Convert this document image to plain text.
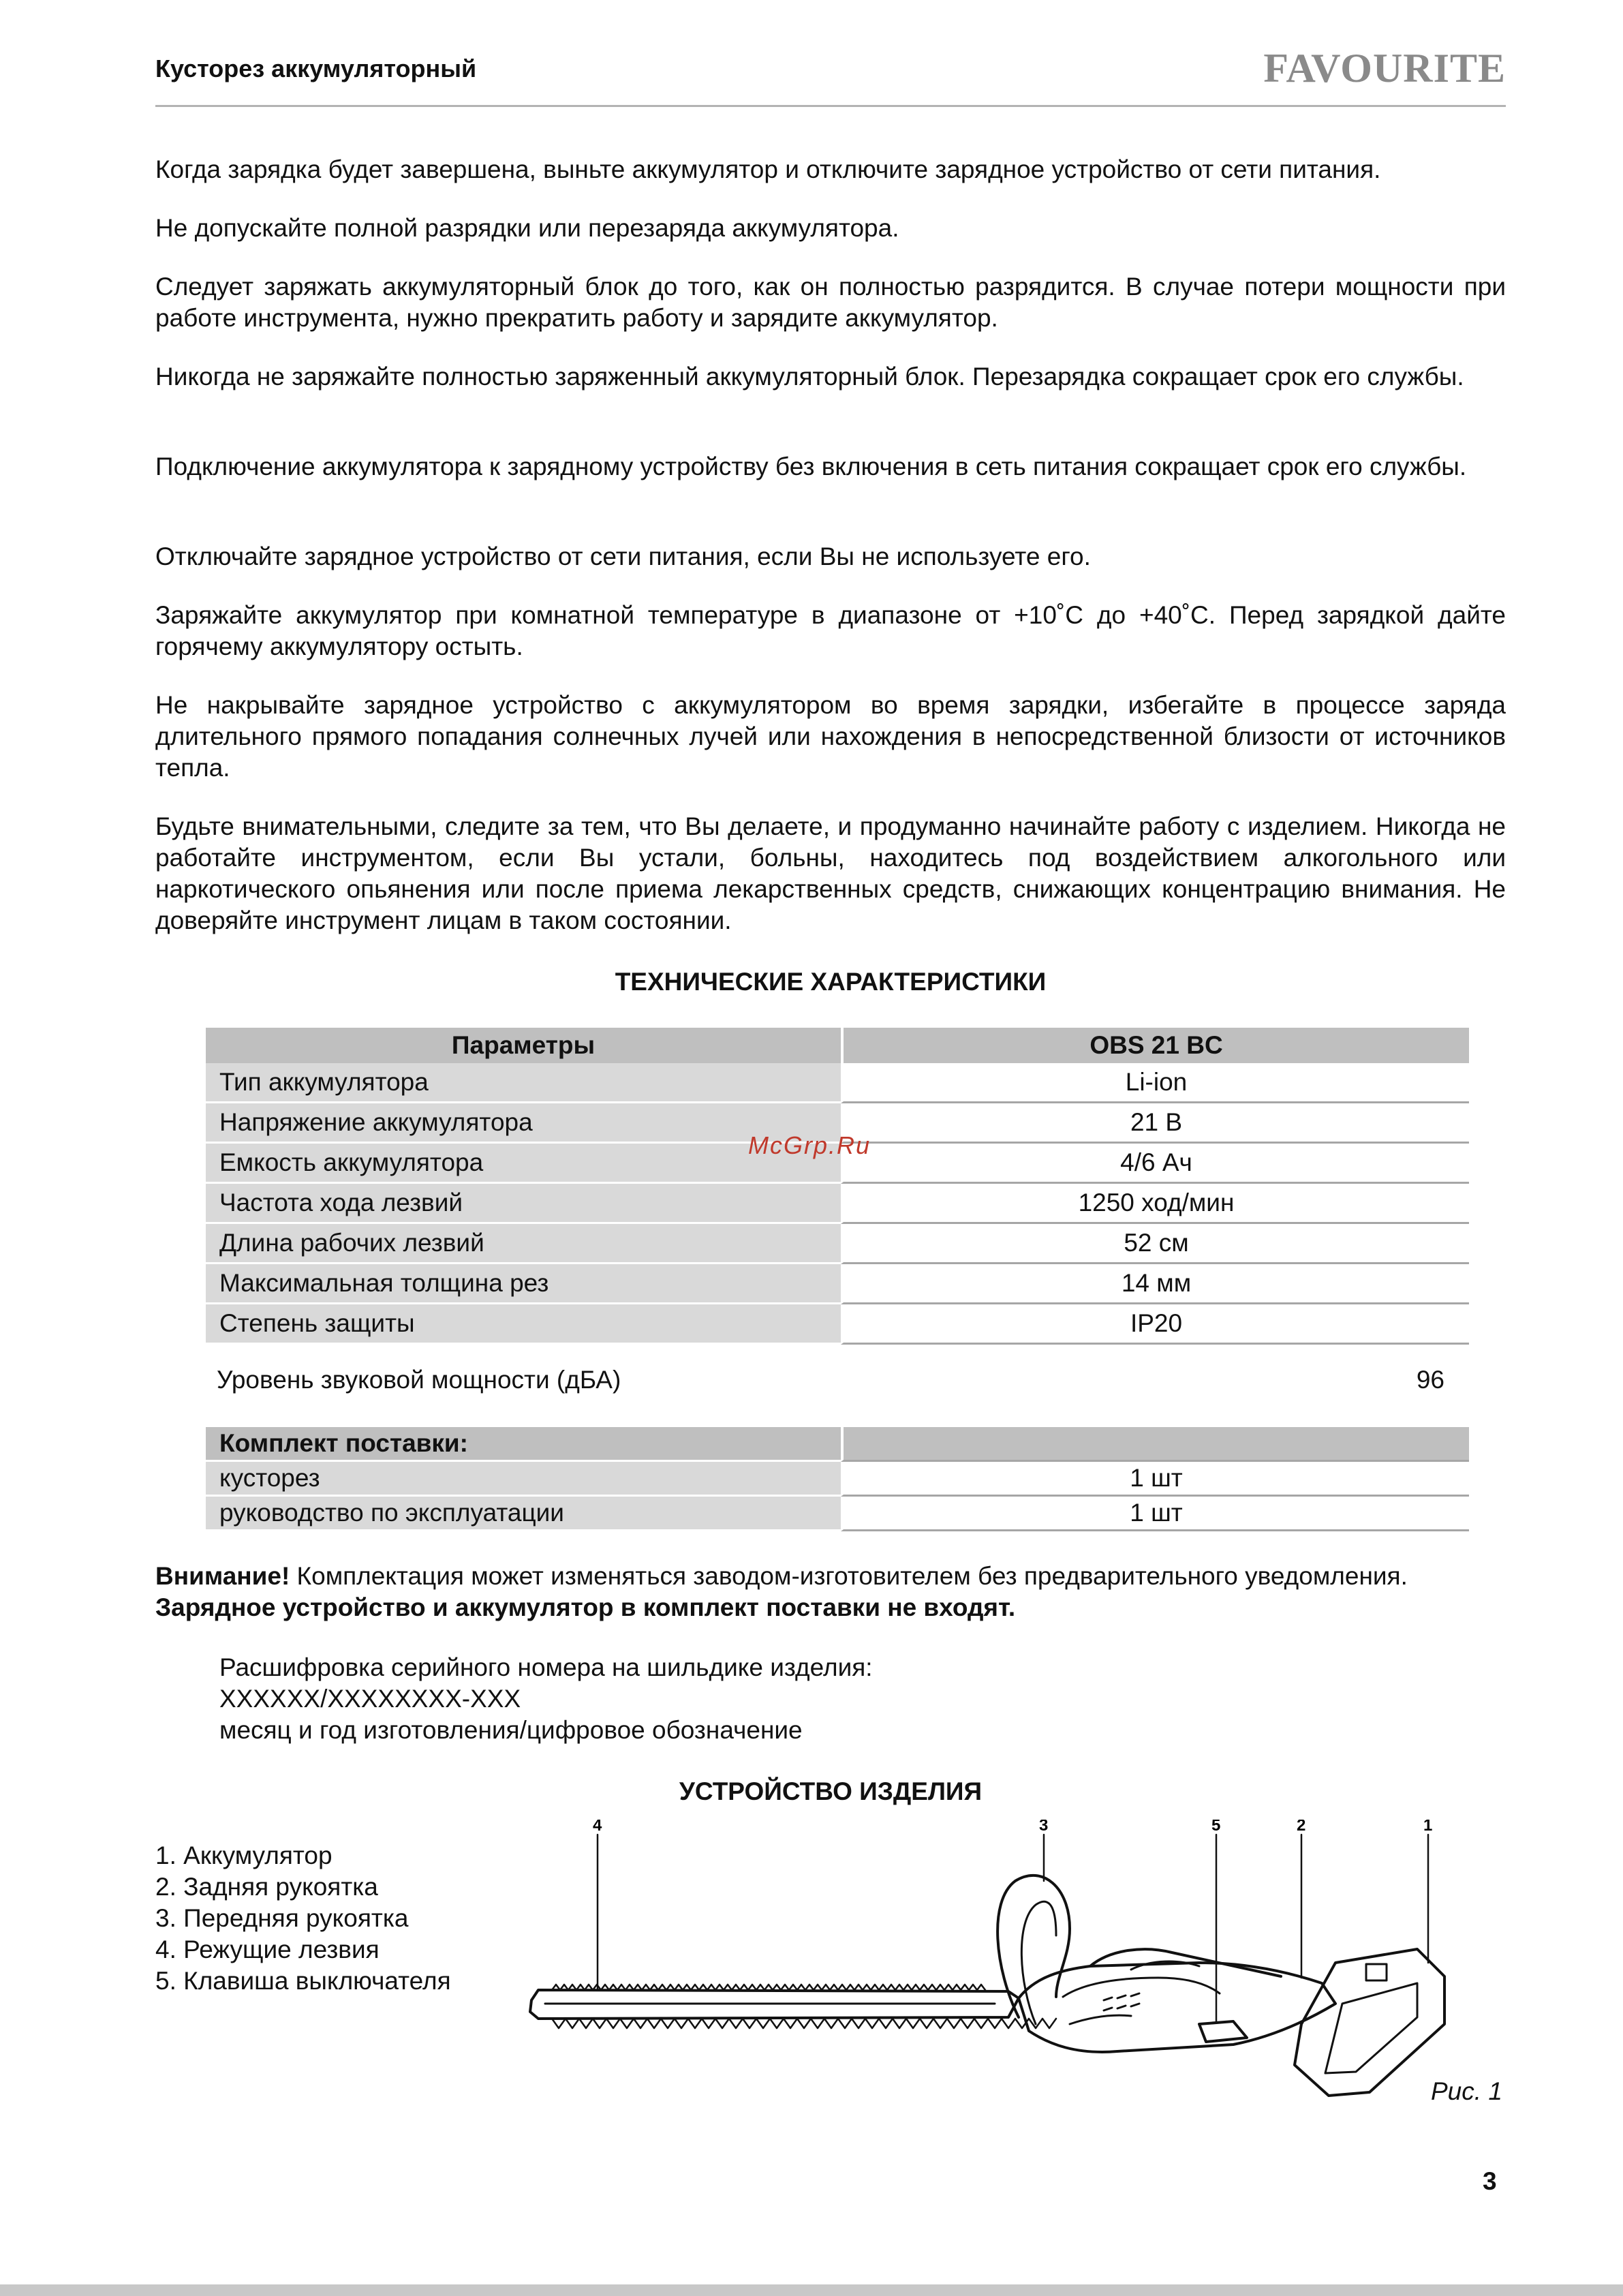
Кусторез аккумуляторный	FAVOURITE

Когда зарядка будет завершена, выньте аккумулятор и отключите зарядное устройство от сети питания.

Не допускайте полной разрядки или перезаряда аккумулятора.

Следует заряжать аккумуляторный блок до того, как он полностью разрядится. В случае потери мощности при работе инструмента, нужно прекратить работу и зарядите аккумулятор.

Никогда не заряжайте полностью заряженный аккумуляторный блок. Перезарядка сокращает срок его службы.

Подключение аккумулятора к зарядному устройству без включения в сеть питания сокращает срок его службы.

Отключайте зарядное устройство от сети питания, если Вы не используете его.

Заряжайте аккумулятор при комнатной температуре в диапазоне от +10˚С до +40˚С. Перед зарядкой дайте горячему аккумулятору остыть.

Не накрывайте зарядное устройство с аккумулятором во время зарядки, избегайте в процессе заряда длительного прямого попадания солнечных лучей или нахождения в непосредственной близости от источников тепла.

Будьте внимательными, следите за тем, что Вы делаете, и продуманно начинайте работу с изделием. Никогда не работайте инструментом, если Вы устали, больны, находитесь под воздействием алкогольного или наркотического опьянения или после приема лекарственных средств, снижающих концентрацию внимания. Не доверяйте инструмент лицам в таком состоянии.

ТЕХНИЧЕСКИЕ ХАРАКТЕРИСТИКИ
Параметры	OBS 21 BC
Тип аккумулятора	Li-ion
Напряжение аккумулятора	21 В
Емкость аккумулятора	4/6 Ач
Частота хода лезвий	1250 ход/мин
Длина рабочих лезвий	52 см
Максимальная толщина рез	14 мм
Степень защиты	IP20
McGrp.Ru
Уровень звуковой мощности (дБА)	96
Комплект поставки:	
кусторез	1 шт
руководство по эксплуатации	1 шт

Внимание! Комплектация может изменяться заводом-изготовителем без предварительного уведомления. Зарядное устройство и аккумулятор в комплект поставки не входят.

Расшифровка серийного номера на шильдике изделия:
XXXXXX/XXXXXXXX-XXX
месяц и год изготовления/цифровое обозначение
УСТРОЙСТВО ИЗДЕЛИЯ
1. Аккумулятор
2. Задняя рукоятка
3. Передняя рукоятка
4. Режущие лезвия
5. Клавиша выключателя
4	3	5	2	1
Рис. 1
3
